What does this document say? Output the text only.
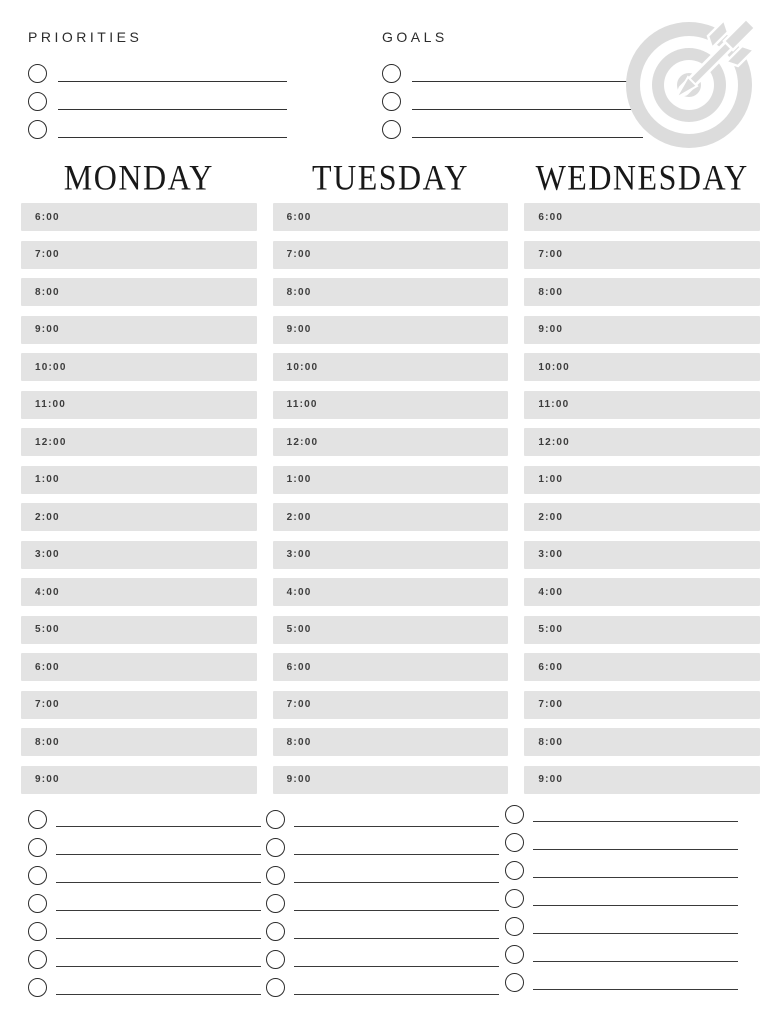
PRIORITIES	GOALS
MONDAY
6:00
7:00
8:00
9:00
10:00
11:00
12:00
1:00
2:00
3:00
4:00
5:00
6:00
7:00
8:00
9:00
TUESDAY
6:00
7:00
8:00
9:00
10:00
11:00
12:00
1:00
2:00
3:00
4:00
5:00
6:00
7:00
8:00
9:00
WEDNESDAY
6:00
7:00
8:00
9:00
10:00
11:00
12:00
1:00
2:00
3:00
4:00
5:00
6:00
7:00
8:00
9:00
